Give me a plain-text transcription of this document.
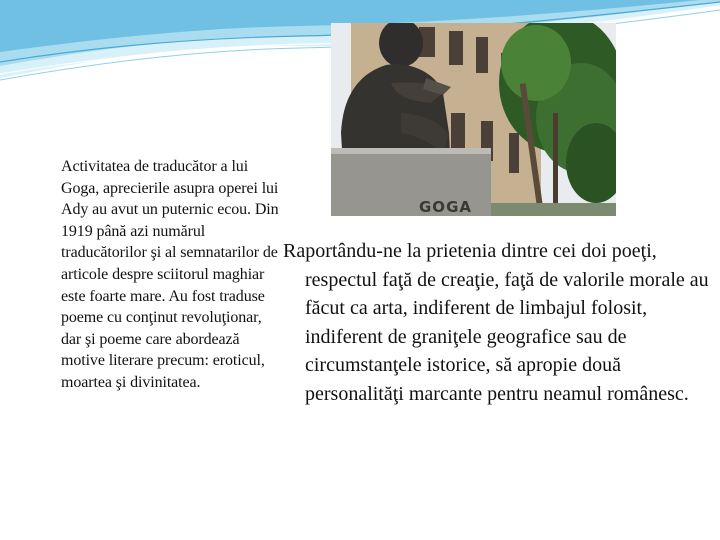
Activitatea de traducător a lui Goga, aprecierile asupra operei lui Ady au avut un puternic ecou. Din 1919 până azi numărul traducătorilor şi al semnatarilor de articole despre sciitorul maghiar este foarte mare. Au fost traduse poeme cu conţinut revoluţionar, dar şi poeme care abordează motive literare precum: eroticul, moartea şi divinitatea.

GOGA

Raportându-ne la prietenia dintre cei doi poeţi, respectul faţă de creaţie, faţă de valorile morale au făcut ca arta, indiferent de limbajul folosit, indiferent de graniţele geografice sau de circumstanţele istorice, să apropie două personalităţi marcante pentru neamul românesc.
